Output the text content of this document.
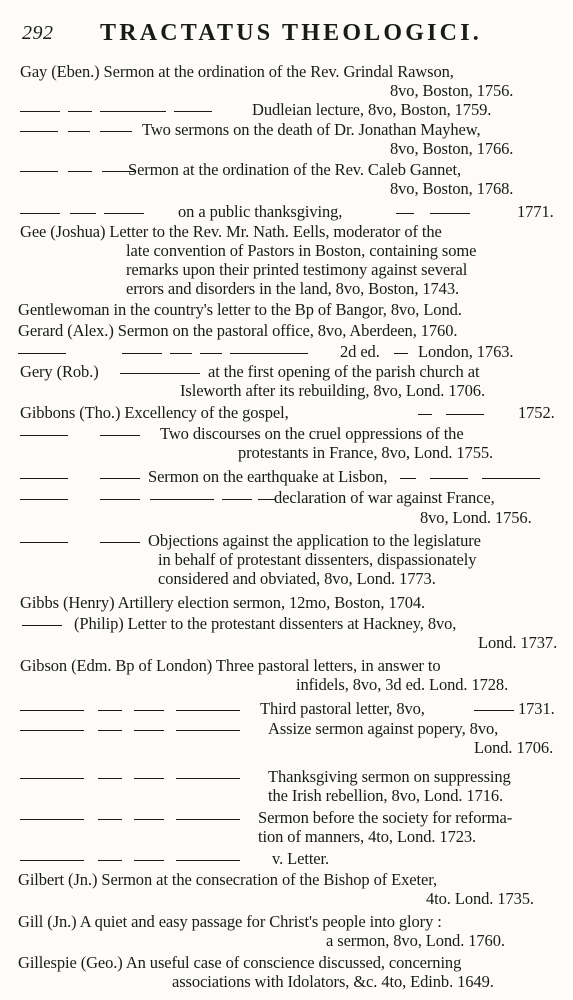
292 TRACTATUS THEOLOGICI.
Gay (Eben.) Sermon at the ordination of the Rev. Grindal Rawson,
8vo, Boston, 1756.
Dudleian lecture, 8vo, Boston, 1759.
Two sermons on the death of Dr. Jonathan Mayhew,
8vo, Boston, 1766.
Sermon at the ordination of the Rev. Caleb Gannet,
8vo, Boston, 1768.
on a public thanksgiving,	1771.
Gee (Joshua) Letter to the Rev. Mr. Nath. Eells, moderator of the
late convention of Pastors in Boston, containing some
remarks upon their printed testimony against several
errors and disorders in the land, 8vo, Boston, 1743.
Gentlewoman in the country's letter to the Bp of Bangor, 8vo, Lond.
Gerard (Alex.) Sermon on the pastoral office, 8vo, Aberdeen, 1760.
2d ed. London, 1763.
Gery (Rob.)	at the first opening of the parish church at
Isleworth after its rebuilding, 8vo, Lond. 1706.
Gibbons (Tho.) Excellency of the gospel,	1752.
Two discourses on the cruel oppressions of the
protestants in France, 8vo, Lond. 1755.
Sermon on the earthquake at Lisbon,
declaration of war against France,
8vo, Lond. 1756.
Objections against the application to the legislature
in behalf of protestant dissenters, dispassionately
considered and obviated, 8vo, Lond. 1773.
Gibbs (Henry) Artillery election sermon, 12mo, Boston, 1704.
(Philip) Letter to the protestant dissenters at Hackney, 8vo,
Lond. 1737.
Gibson (Edm. Bp of London) Three pastoral letters, in answer to
infidels, 8vo, 3d ed. Lond. 1728.
Third pastoral letter, 8vo,	1731.
Assize sermon against popery, 8vo,
Lond. 1706.
Thanksgiving sermon on suppressing
the Irish rebellion, 8vo, Lond. 1716.
Sermon before the society for reforma-
tion of manners, 4to, Lond. 1723.
v. Letter.
Gilbert (Jn.) Sermon at the consecration of the Bishop of Exeter,
4to. Lond. 1735.
Gill (Jn.) A quiet and easy passage for Christ's people into glory :
a sermon, 8vo, Lond. 1760.
Gillespie (Geo.) An useful case of conscience discussed, concerning
associations with Idolators, &c. 4to, Edinb. 1649.
